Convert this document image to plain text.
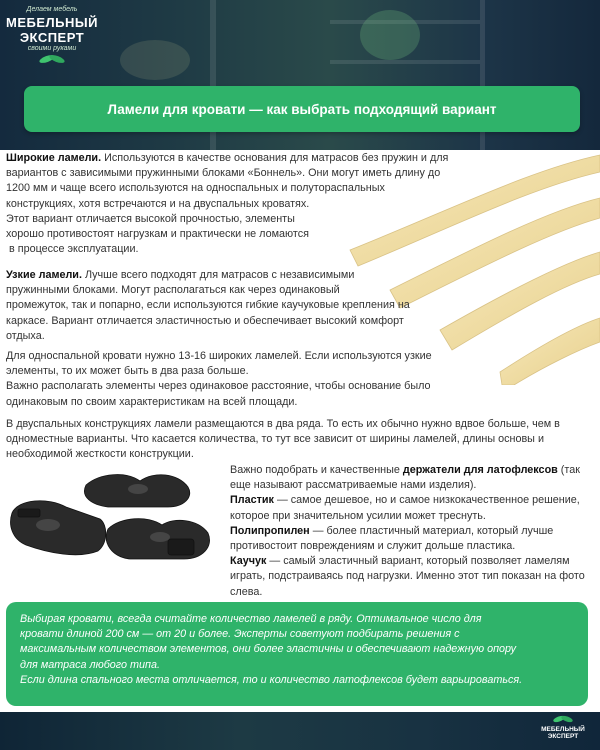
Делаем мебель
МЕБЕЛЬНЫЙ
ЭКСПЕРТ
своими руками
Ламели для кровати — как выбрать подходящий вариант
Широкие ламели. Используются в качестве основания для матрасов без пружин и для
вариантов с зависимыми пружинными блоками «Боннель». Они могут иметь длину до
1200 мм и чаще всего используются на односпальных и полутораспальных
конструкциях, хотя встречаются и на двуспальных кроватях.
Этот вариант отличается высокой прочностью, элементы
хорошо противостоят нагрузкам и практически не ломаются
в процессе эксплуатации.
Узкие ламели. Лучше всего подходят для матрасов с независимыми
пружинными блоками. Могут располагаться как через одинаковый
промежуток, так и попарно, если используются гибкие каучуковые крепления на
каркасе. Вариант отличается эластичностью и обеспечивает высокий комфорт
отдыха.
Для односпальной кровати нужно 13-16 широких ламелей. Если используются узкие
элементы, то их может быть в два раза больше.
Важно располагать элементы через одинаковое расстояние, чтобы основание было
одинаковым по своим характеристикам на всей площади.
В двуспальных конструкциях ламели размещаются в два ряда. То есть их обычно нужно вдвое больше, чем в
одноместные варианты. Что касается количества, то тут все зависит от ширины ламелей, длины основы и
необходимой жесткости конструкции.
Важно подобрать и качественные держатели для латофлексов (так
еще называют рассматриваемые нами изделия).
Пластик — самое дешевое, но и самое низкокачественное решение,
которое при значительном усилии может треснуть.
Полипропилен — более пластичный материал, который лучше
противостоит повреждениям и служит дольше пластика.
Каучук — самый эластичный вариант, который позволяет ламелям
играть, подстраиваясь под нагрузки. Именно этот тип показан на фото
слева.
Выбирая кровати, всегда считайте количество ламелей в ряду. Оптимальное число для
кровати длиной 200 см — от 20 и более. Эксперты советуют подбирать решения с
максимальным количеством элементов, они более эластичны и обеспечивают надежную опору
для матраса любого типа.
Если длина спального места отличается, то и количество латофлексов будет варьироваться.
МЕБЕЛЬНЫЙ
ЭКСПЕРТ
